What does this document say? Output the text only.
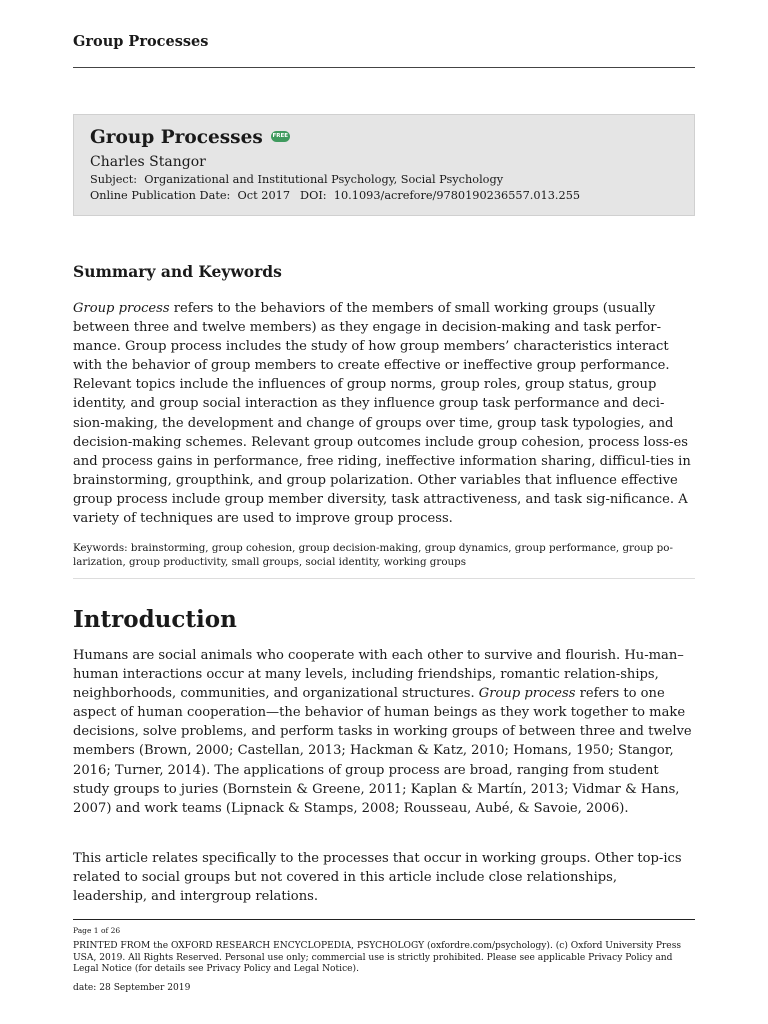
Group Processes
Group Processes FREE
Charles Stangor
Subject: Organizational and Institutional Psychology, Social Psychology
Online Publication Date: Oct 2017 DOI: 10.1093/acrefore/9780190236557.013.255
Summary and Keywords
Group process refers to the behaviors of the members of small working groups (usually between three and twelve members) as they engage in decision-making and task perfor-mance. Group process includes the study of how group members’ characteristics interact with the behavior of group members to create effective or ineffective group performance. Relevant topics include the influences of group norms, group roles, group status, group identity, and group social interaction as they influence group task performance and deci-sion-making, the development and change of groups over time, group task typologies, and decision-making schemes. Relevant group outcomes include group cohesion, process loss-es and process gains in performance, free riding, ineffective information sharing, difficul-ties in brainstorming, groupthink, and group polarization. Other variables that influence effective group process include group member diversity, task attractiveness, and task sig-nificance. A variety of techniques are used to improve group process.
Keywords: brainstorming, group cohesion, group decision-making, group dynamics, group performance, group po-larization, group productivity, small groups, social identity, working groups
Introduction
Humans are social animals who cooperate with each other to survive and flourish. Hu-man–human interactions occur at many levels, including friendships, romantic relation-ships, neighborhoods, communities, and organizational structures. Group process refers to one aspect of human cooperation—the behavior of human beings as they work together to make decisions, solve problems, and perform tasks in working groups of between three and twelve members (Brown, 2000; Castellan, 2013; Hackman & Katz, 2010; Homans, 1950; Stangor, 2016; Turner, 2014). The applications of group process are broad, ranging from student study groups to juries (Bornstein & Greene, 2011; Kaplan & Martín, 2013; Vidmar & Hans, 2007) and work teams (Lipnack & Stamps, 2008; Rousseau, Aubé, & Savoie, 2006).
This article relates specifically to the processes that occur in working groups. Other top-ics related to social groups but not covered in this article include close relationships, leadership, and intergroup relations.
Page 1 of 26
PRINTED FROM the OXFORD RESEARCH ENCYCLOPEDIA, PSYCHOLOGY (oxfordre.com/psychology). (c) Oxford University Press USA, 2019. All Rights Reserved. Personal use only; commercial use is strictly prohibited. Please see applicable Privacy Policy and Legal Notice (for details see Privacy Policy and Legal Notice).
date: 28 September 2019
